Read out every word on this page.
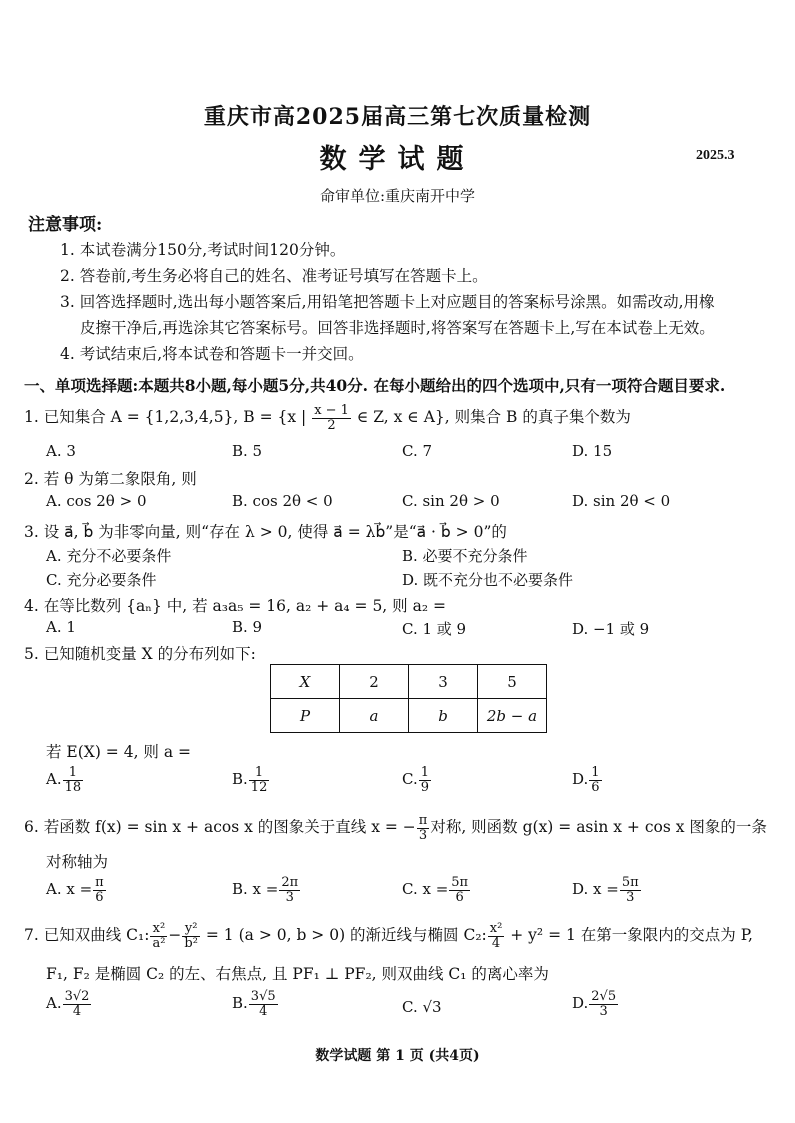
重庆市高2025届高三第七次质量检测
数学试题	2025.3
命审单位:重庆南开中学
注意事项:
1. 本试卷满分150分,考试时间120分钟。
2. 答卷前,考生务必将自己的姓名、准考证号填写在答题卡上。
3. 回答选择题时,选出每小题答案后,用铅笔把答题卡上对应题目的答案标号涂黑。如需改动,用橡
皮擦干净后,再选涂其它答案标号。回答非选择题时,将答案写在答题卡上,写在本试卷上无效。
4. 考试结束后,将本试卷和答题卡一并交回。
一、单项选择题:本题共8小题,每小题5分,共40分. 在每小题给出的四个选项中,只有一项符合题目要求.
1. 已知集合 A = {1,2,3,4,5}, B = {x | $\frac{x - 1}{2}$ ∈ Z, x ∈ A}, 则集合 B 的真子集个数为
A. 3	B. 5	C. 7	D. 15
2. 若 θ 为第二象限角, 则
A. cos 2θ > 0	B. cos 2θ < 0	C. sin 2θ > 0	D. sin 2θ < 0
3. 设 a⃗, b⃗ 为非零向量, 则“存在 λ > 0, 使得 a⃗ = λb⃗”是“a⃗ · b⃗ > 0”的
A. 充分不必要条件	B. 必要不充分条件
C. 充分必要条件	D. 既不充分也不必要条件
4. 在等比数列 {aₙ} 中, 若 a₃a₅ = 16, a₂ + a₄ = 5, 则 a₂ =
A. 1	B. 9	C. 1 或 9	D. −1 或 9
5. 已知随机变量 X 的分布列如下:
X	2	3	5
P	a	b	2b − a
若 E(X) = 4, 则 a =
A. $\frac{1}{18}$	B. $\frac{1}{12}$	C. $\frac{1}{9}$	D. $\frac{1}{6}$
6. 若函数 f(x) = sin x + acos x 的图象关于直线 x = − $\frac{\pi}{3}$ 对称, 则函数 g(x) = asin x + cos x 图象的一条
对称轴为
A. $x = \frac{\pi}{6}$	B. $x = \frac{2\pi}{3}$	C. $x = \frac{5\pi}{6}$	D. $x = \frac{5\pi}{3}$
7. 已知双曲线 C₁: $\frac{\text{x²}}{\text{a²}} - \frac{\text{y²}}{\text{b²}} = 1$ (a > 0, b > 0) 的渐近线与椭圆 C₂: $\frac{\text{x²}}{4} + y^2 = 1$ 在第一象限内的交点为 P,
F₁, F₂ 是椭圆 C₂ 的左、右焦点, 且 PF₁ ⊥ PF₂, 则双曲线 C₁ 的离心率为
A. $\frac{3√2}{4}$	B. $\frac{3√5}{4}$	C. √3	D. $\frac{2√5}{3}$
数学试题 第 1 页 (共4页)
